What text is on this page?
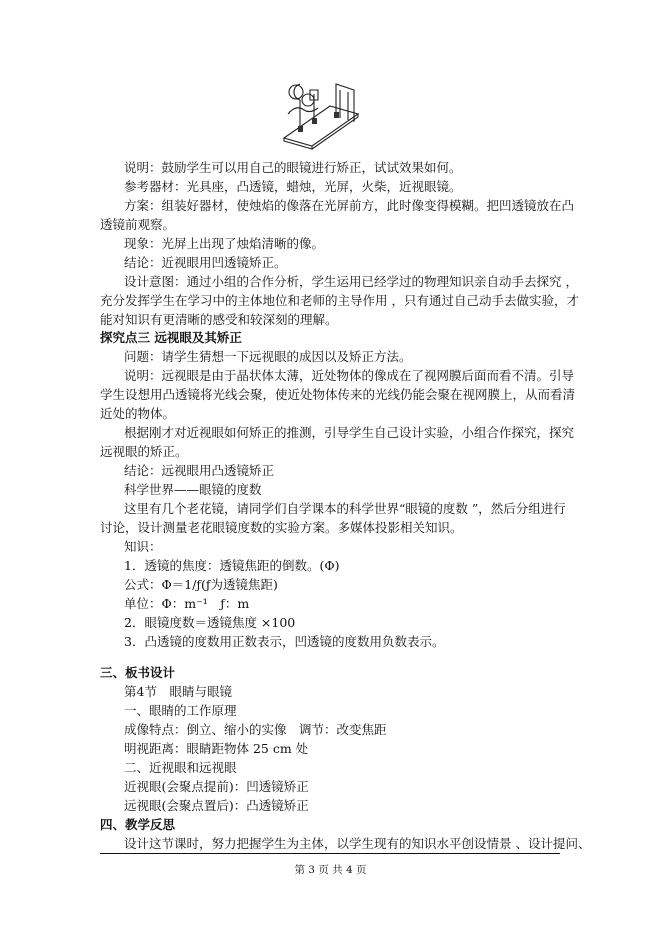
说明：鼓励学生可以用自己的眼镜进行矫正，试试效果如何。
参考器材：光具座，凸透镜，蜡烛，光屏，火柴，近视眼镜。
方案：组装好器材，使烛焰的像落在光屏前方，此时像变得模糊。把凹透镜放在凸
透镜前观察。
现象：光屏上出现了烛焰清晰的像。
结论：近视眼用凹透镜矫正。
设计意图：通过小组的合作分析，学生运用已经学过的物理知识亲自动手去探究 ，
充分发挥学生在学习中的主体地位和老师的主导作用 ，只有通过自己动手去做实验，才
能对知识有更清晰的感受和较深刻的理解。
探究点三 远视眼及其矫正
问题：请学生猜想一下远视眼的成因以及矫正方法。
说明：远视眼是由于晶状体太薄，近处物体的像成在了视网膜后面而看不清。引导
学生设想用凸透镜将光线会聚，使近处物体传来的光线仍能会聚在视网膜上，从而看清
近处的物体。
根据刚才对近视眼如何矫正的推测，引导学生自己设计实验，小组合作探究，探究
远视眼的矫正。
结论：远视眼用凸透镜矫正
科学世界——眼镜的度数
这里有几个老花镜，请同学们自学课本的科学世界“眼镜的度数 ”，然后分组进行
讨论，设计测量老花眼镜度数的实验方案。多媒体投影相关知识。
知识：
1．透镜的焦度：透镜焦距的倒数。(Φ)
公式：Φ＝1/ƒ(ƒ为透镜焦距)
单位：Φ：m⁻¹　ƒ：m
2．眼镜度数＝透镜焦度 ×100
3．凸透镜的度数用正数表示，凹透镜的度数用负数表示。
三、板书设计
第4节　眼睛与眼镜
一、眼睛的工作原理
成像特点：倒立、缩小的实像　调节：改变焦距
明视距离：眼睛距物体 25 cm 处
二、近视眼和远视眼
近视眼(会聚点提前)：凹透镜矫正
远视眼(会聚点置后)：凸透镜矫正
四、教学反思
设计这节课时，努力把握学生为主体，以学生现有的知识水平创设情景 、设计提问、
第 3 页 共 4 页
